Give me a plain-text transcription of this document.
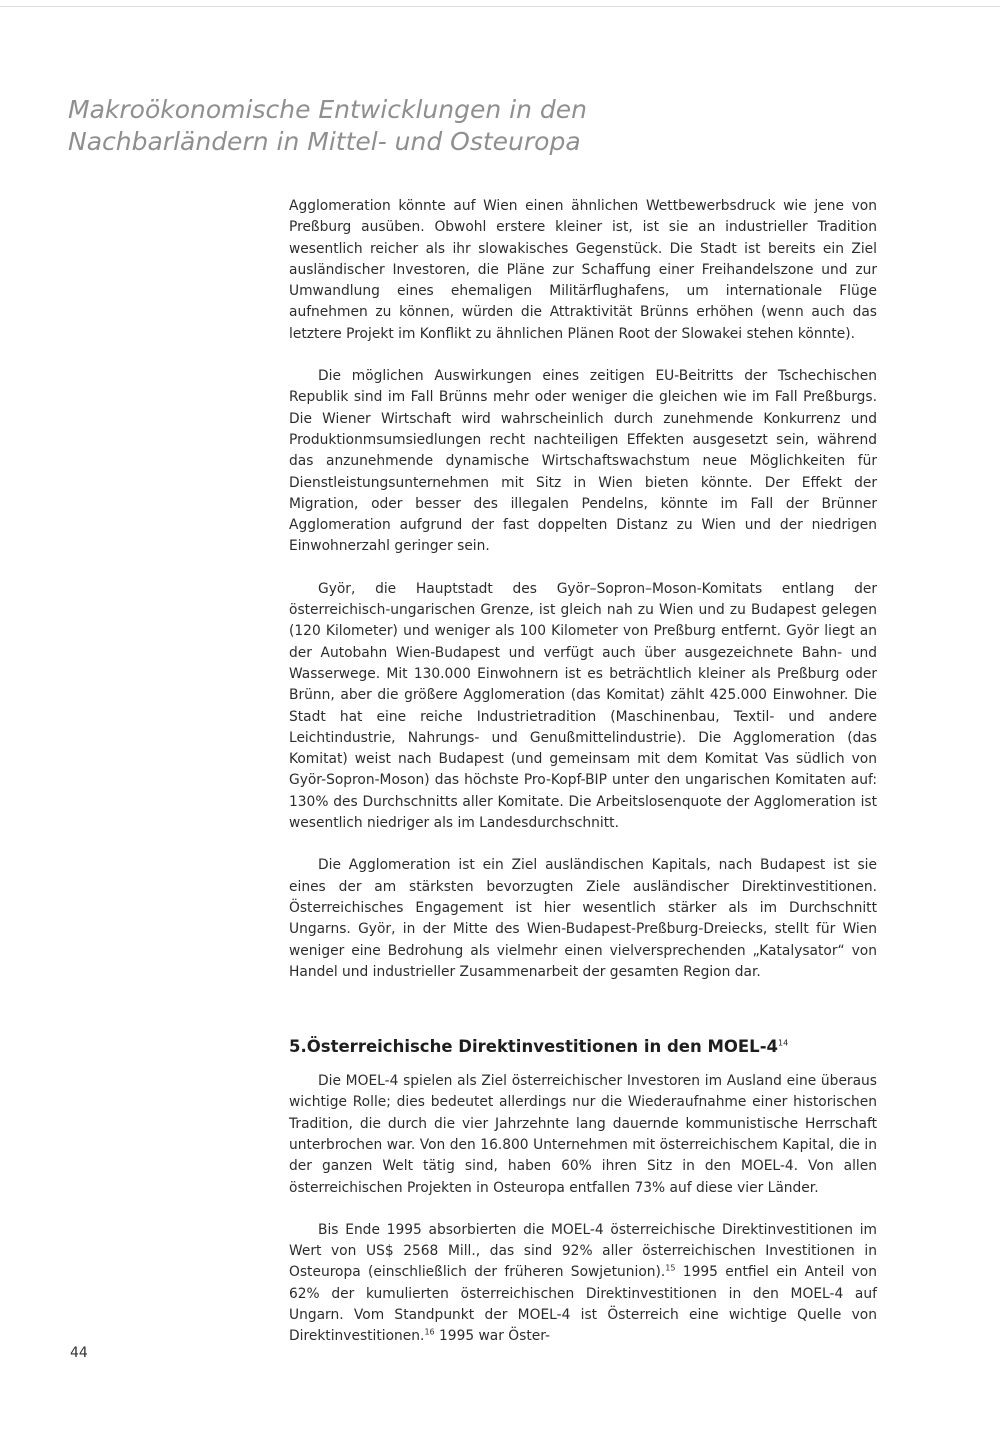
Makroökonomische Entwicklungen in den
Nachbarländern in Mittel- und Osteuropa

Agglomeration könnte auf Wien einen ähnlichen Wettbewerbsdruck wie jene von Preßburg ausüben. Obwohl erstere kleiner ist, ist sie an industrieller Tradition wesentlich reicher als ihr slowakisches Gegenstück. Die Stadt ist bereits ein Ziel ausländischer Investoren, die Pläne zur Schaffung einer Freihandelszone und zur Umwandlung eines ehemaligen Militärflughafens, um internationale Flüge aufnehmen zu können, würden die Attraktivität Brünns erhöhen (wenn auch das letztere Projekt im Konflikt zu ähnlichen Plänen Root der Slowakei stehen könnte).

Die möglichen Auswirkungen eines zeitigen EU-Beitritts der Tschechischen Republik sind im Fall Brünns mehr oder weniger die gleichen wie im Fall Preßburgs. Die Wiener Wirtschaft wird wahrscheinlich durch zunehmende Konkurrenz und Produktionmsumsiedlungen recht nachteiligen Effekten ausgesetzt sein, während das anzunehmende dynamische Wirtschaftswachstum neue Möglichkeiten für Dienstleistungsunternehmen mit Sitz in Wien bieten könnte. Der Effekt der Migration, oder besser des illegalen Pendelns, könnte im Fall der Brünner Agglomeration aufgrund der fast doppelten Distanz zu Wien und der niedrigen Einwohnerzahl geringer sein.

Györ, die Hauptstadt des Györ–Sopron–Moson-Komitats entlang der österreichisch-ungarischen Grenze, ist gleich nah zu Wien und zu Budapest gelegen (120 Kilometer) und weniger als 100 Kilometer von Preßburg entfernt. Györ liegt an der Autobahn Wien-Budapest und verfügt auch über ausgezeichnete Bahn- und Wasserwege. Mit 130.000 Einwohnern ist es beträchtlich kleiner als Preßburg oder Brünn, aber die größere Agglomeration (das Komitat) zählt 425.000 Einwohner. Die Stadt hat eine reiche Industrietradition (Maschinenbau, Textil- und andere Leichtindustrie, Nahrungs- und Genußmittelindustrie). Die Agglomeration (das Komitat) weist nach Budapest (und gemeinsam mit dem Komitat Vas südlich von Györ-Sopron-Moson) das höchste Pro-Kopf-BIP unter den ungarischen Komitaten auf: 130% des Durchschnitts aller Komitate. Die Arbeitslosenquote der Agglomeration ist wesentlich niedriger als im Landesdurchschnitt.

Die Agglomeration ist ein Ziel ausländischen Kapitals, nach Budapest ist sie eines der am stärksten bevorzugten Ziele ausländischer Direktinvestitionen. Österreichisches Engagement ist hier wesentlich stärker als im Durchschnitt Ungarns. Györ, in der Mitte des Wien-Budapest-Preßburg-Dreiecks, stellt für Wien weniger eine Bedrohung als vielmehr einen vielversprechenden „Katalysator“ von Handel und industrieller Zusammenarbeit der gesamten Region dar.

5.Österreichische Direktinvestitionen in den MOEL-$4^{14}$

Die MOEL-4 spielen als Ziel österreichischer Investoren im Ausland eine überaus wichtige Rolle; dies bedeutet allerdings nur die Wiederaufnahme einer historischen Tradition, die durch die vier Jahrzehnte lang dauernde kommunistische Herrschaft unterbrochen war. Von den 16.800 Unternehmen mit österreichischem Kapital, die in der ganzen Welt tätig sind, haben 60% ihren Sitz in den MOEL-4. Von allen österreichischen Projekten in Osteuropa entfallen 73% auf diese vier Länder.

Bis Ende 1995 absorbierten die MOEL-4 österreichische Direktinvestitionen im Wert von US$ 2568 Mill., das sind 92% aller österreichischen Investitionen in Osteuropa (einschließlich der früheren Sowjetunion).$^{15}$ 1995 entfiel ein Anteil von 62% der kumulierten österreichischen Direktinvestitionen in den MOEL-4 auf Ungarn. Vom Standpunkt der MOEL-4 ist Österreich eine wichtige Quelle von Direktinvestitionen.$^{16}$ 1995 war Öster-

44
